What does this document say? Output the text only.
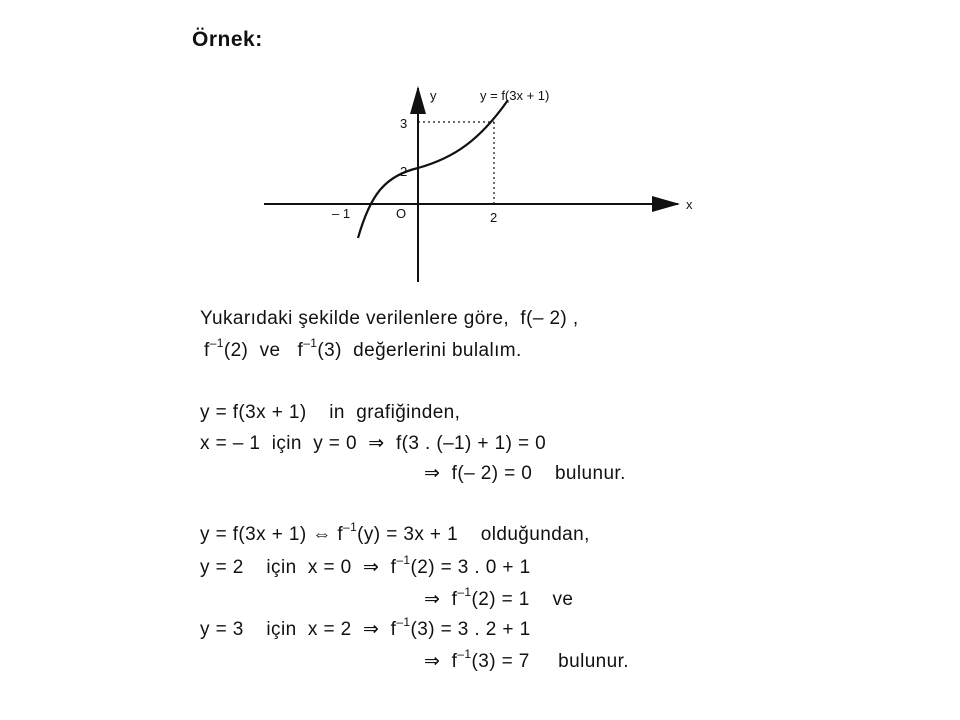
Örnek:
y
x
y = f(3x + 1)
3
2
2
– 1	O
Yukarıdaki şekilde verilenlere göre,  f(– 2) ,
$f^{-1}(2)$  ve   $f^{-1}(3)$  değerlerini bulalım.
y = f(3x + 1)    in  grafiğinden,
x = – 1  için  y = 0  ⇒  f(3 . (–1) + 1) = 0
⇒  f(– 2) = 0    bulunur.
y = f(3x + 1) ⇔ $f^{-1}(y) = 3x + 1$    olduğundan,
y = 2    için  x = 0  ⇒  $f^{-1}(2) = 3$ . 0 + 1
⇒  $f^{-1}(2) = 1$    ve
y = 3    için  x = 2  ⇒  $f^{-1}(3) = 3$ . 2 + 1
⇒  $f^{-1}(3) = 7$     bulunur.
